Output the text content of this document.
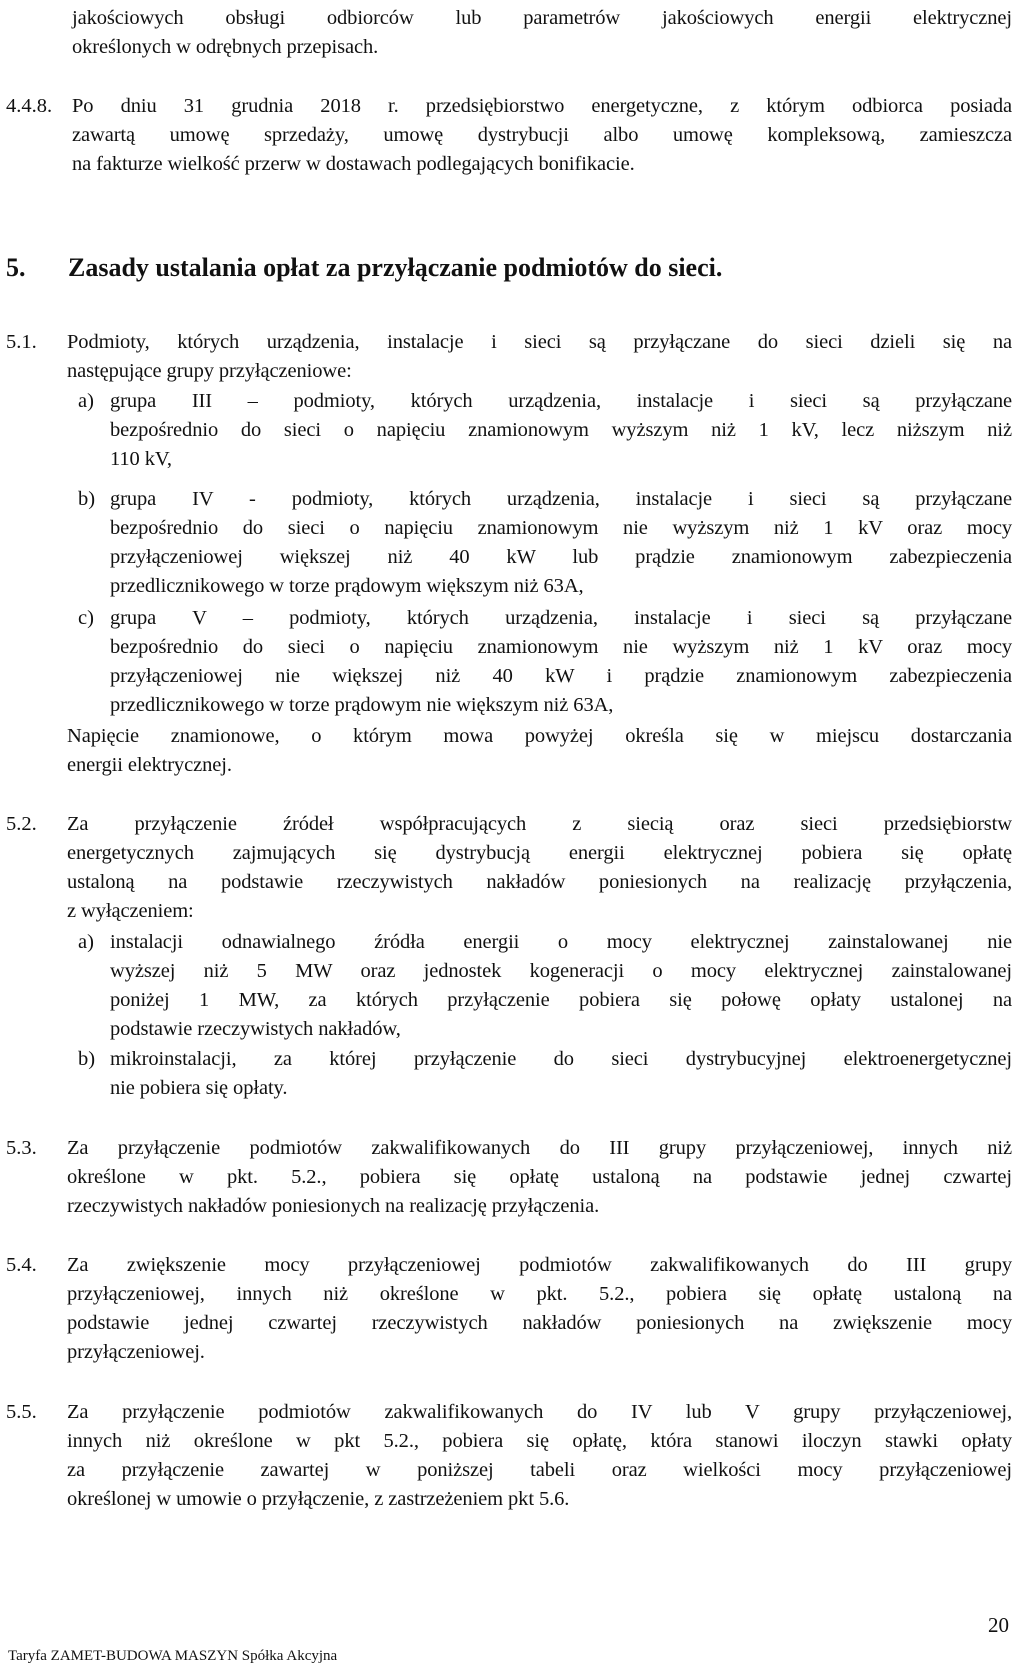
jakościowych obsługi odbiorców lub parametrów jakościowych energii elektrycznej
określonych w odrębnych przepisach.
4.4.8. Po dniu 31 grudnia 2018 r. przedsiębiorstwo energetyczne, z którym odbiorca posiada
zawartą umowę sprzedaży, umowę dystrybucji albo umowę kompleksową, zamieszcza
na fakturze wielkość przerw w dostawach podlegających bonifikacie.
5. Zasady ustalania opłat za przyłączanie podmiotów do sieci.
5.1. Podmioty, których urządzenia, instalacje i sieci są przyłączane do sieci dzieli się na
następujące grupy przyłączeniowe:
a) grupa III – podmioty, których urządzenia, instalacje i sieci są przyłączane
bezpośrednio do sieci o napięciu znamionowym wyższym niż 1 kV, lecz niższym niż
110 kV,
b) grupa IV - podmioty, których urządzenia, instalacje i sieci są przyłączane
bezpośrednio do sieci o napięciu znamionowym nie wyższym niż 1 kV oraz mocy
przyłączeniowej większej niż 40 kW lub prądzie znamionowym zabezpieczenia
przedlicznikowego w torze prądowym większym niż 63A,
c) grupa V – podmioty, których urządzenia, instalacje i sieci są przyłączane
bezpośrednio do sieci o napięciu znamionowym nie wyższym niż 1 kV oraz mocy
przyłączeniowej nie większej niż 40 kW i prądzie znamionowym zabezpieczenia
przedlicznikowego w torze prądowym nie większym niż 63A,
Napięcie znamionowe, o którym mowa powyżej określa się w miejscu dostarczania
energii elektrycznej.
5.2. Za przyłączenie źródeł współpracujących z siecią oraz sieci przedsiębiorstw
energetycznych zajmujących się dystrybucją energii elektrycznej pobiera się opłatę
ustaloną na podstawie rzeczywistych nakładów poniesionych na realizację przyłączenia,
z wyłączeniem:
a) instalacji odnawialnego źródła energii o mocy elektrycznej zainstalowanej nie
wyższej niż 5 MW oraz jednostek kogeneracji o mocy elektrycznej zainstalowanej
poniżej 1 MW, za których przyłączenie pobiera się połowę opłaty ustalonej na
podstawie rzeczywistych nakładów,
b) mikroinstalacji, za której przyłączenie do sieci dystrybucyjnej elektroenergetycznej
nie pobiera się opłaty.
5.3. Za przyłączenie podmiotów zakwalifikowanych do III grupy przyłączeniowej, innych niż
określone w pkt. 5.2., pobiera się opłatę ustaloną na podstawie jednej czwartej
rzeczywistych nakładów poniesionych na realizację przyłączenia.
5.4. Za zwiększenie mocy przyłączeniowej podmiotów zakwalifikowanych do III grupy
przyłączeniowej, innych niż określone w pkt. 5.2., pobiera się opłatę ustaloną na
podstawie jednej czwartej rzeczywistych nakładów poniesionych na zwiększenie mocy
przyłączeniowej.
5.5. Za przyłączenie podmiotów zakwalifikowanych do IV lub V grupy przyłączeniowej,
innych niż określone w pkt 5.2., pobiera się opłatę, która stanowi iloczyn stawki opłaty
za przyłączenie zawartej w poniższej tabeli oraz wielkości mocy przyłączeniowej
określonej w umowie o przyłączenie, z zastrzeżeniem pkt 5.6.
Taryfa ZAMET-BUDOWA MASZYN Spółka Akcyjna
20
